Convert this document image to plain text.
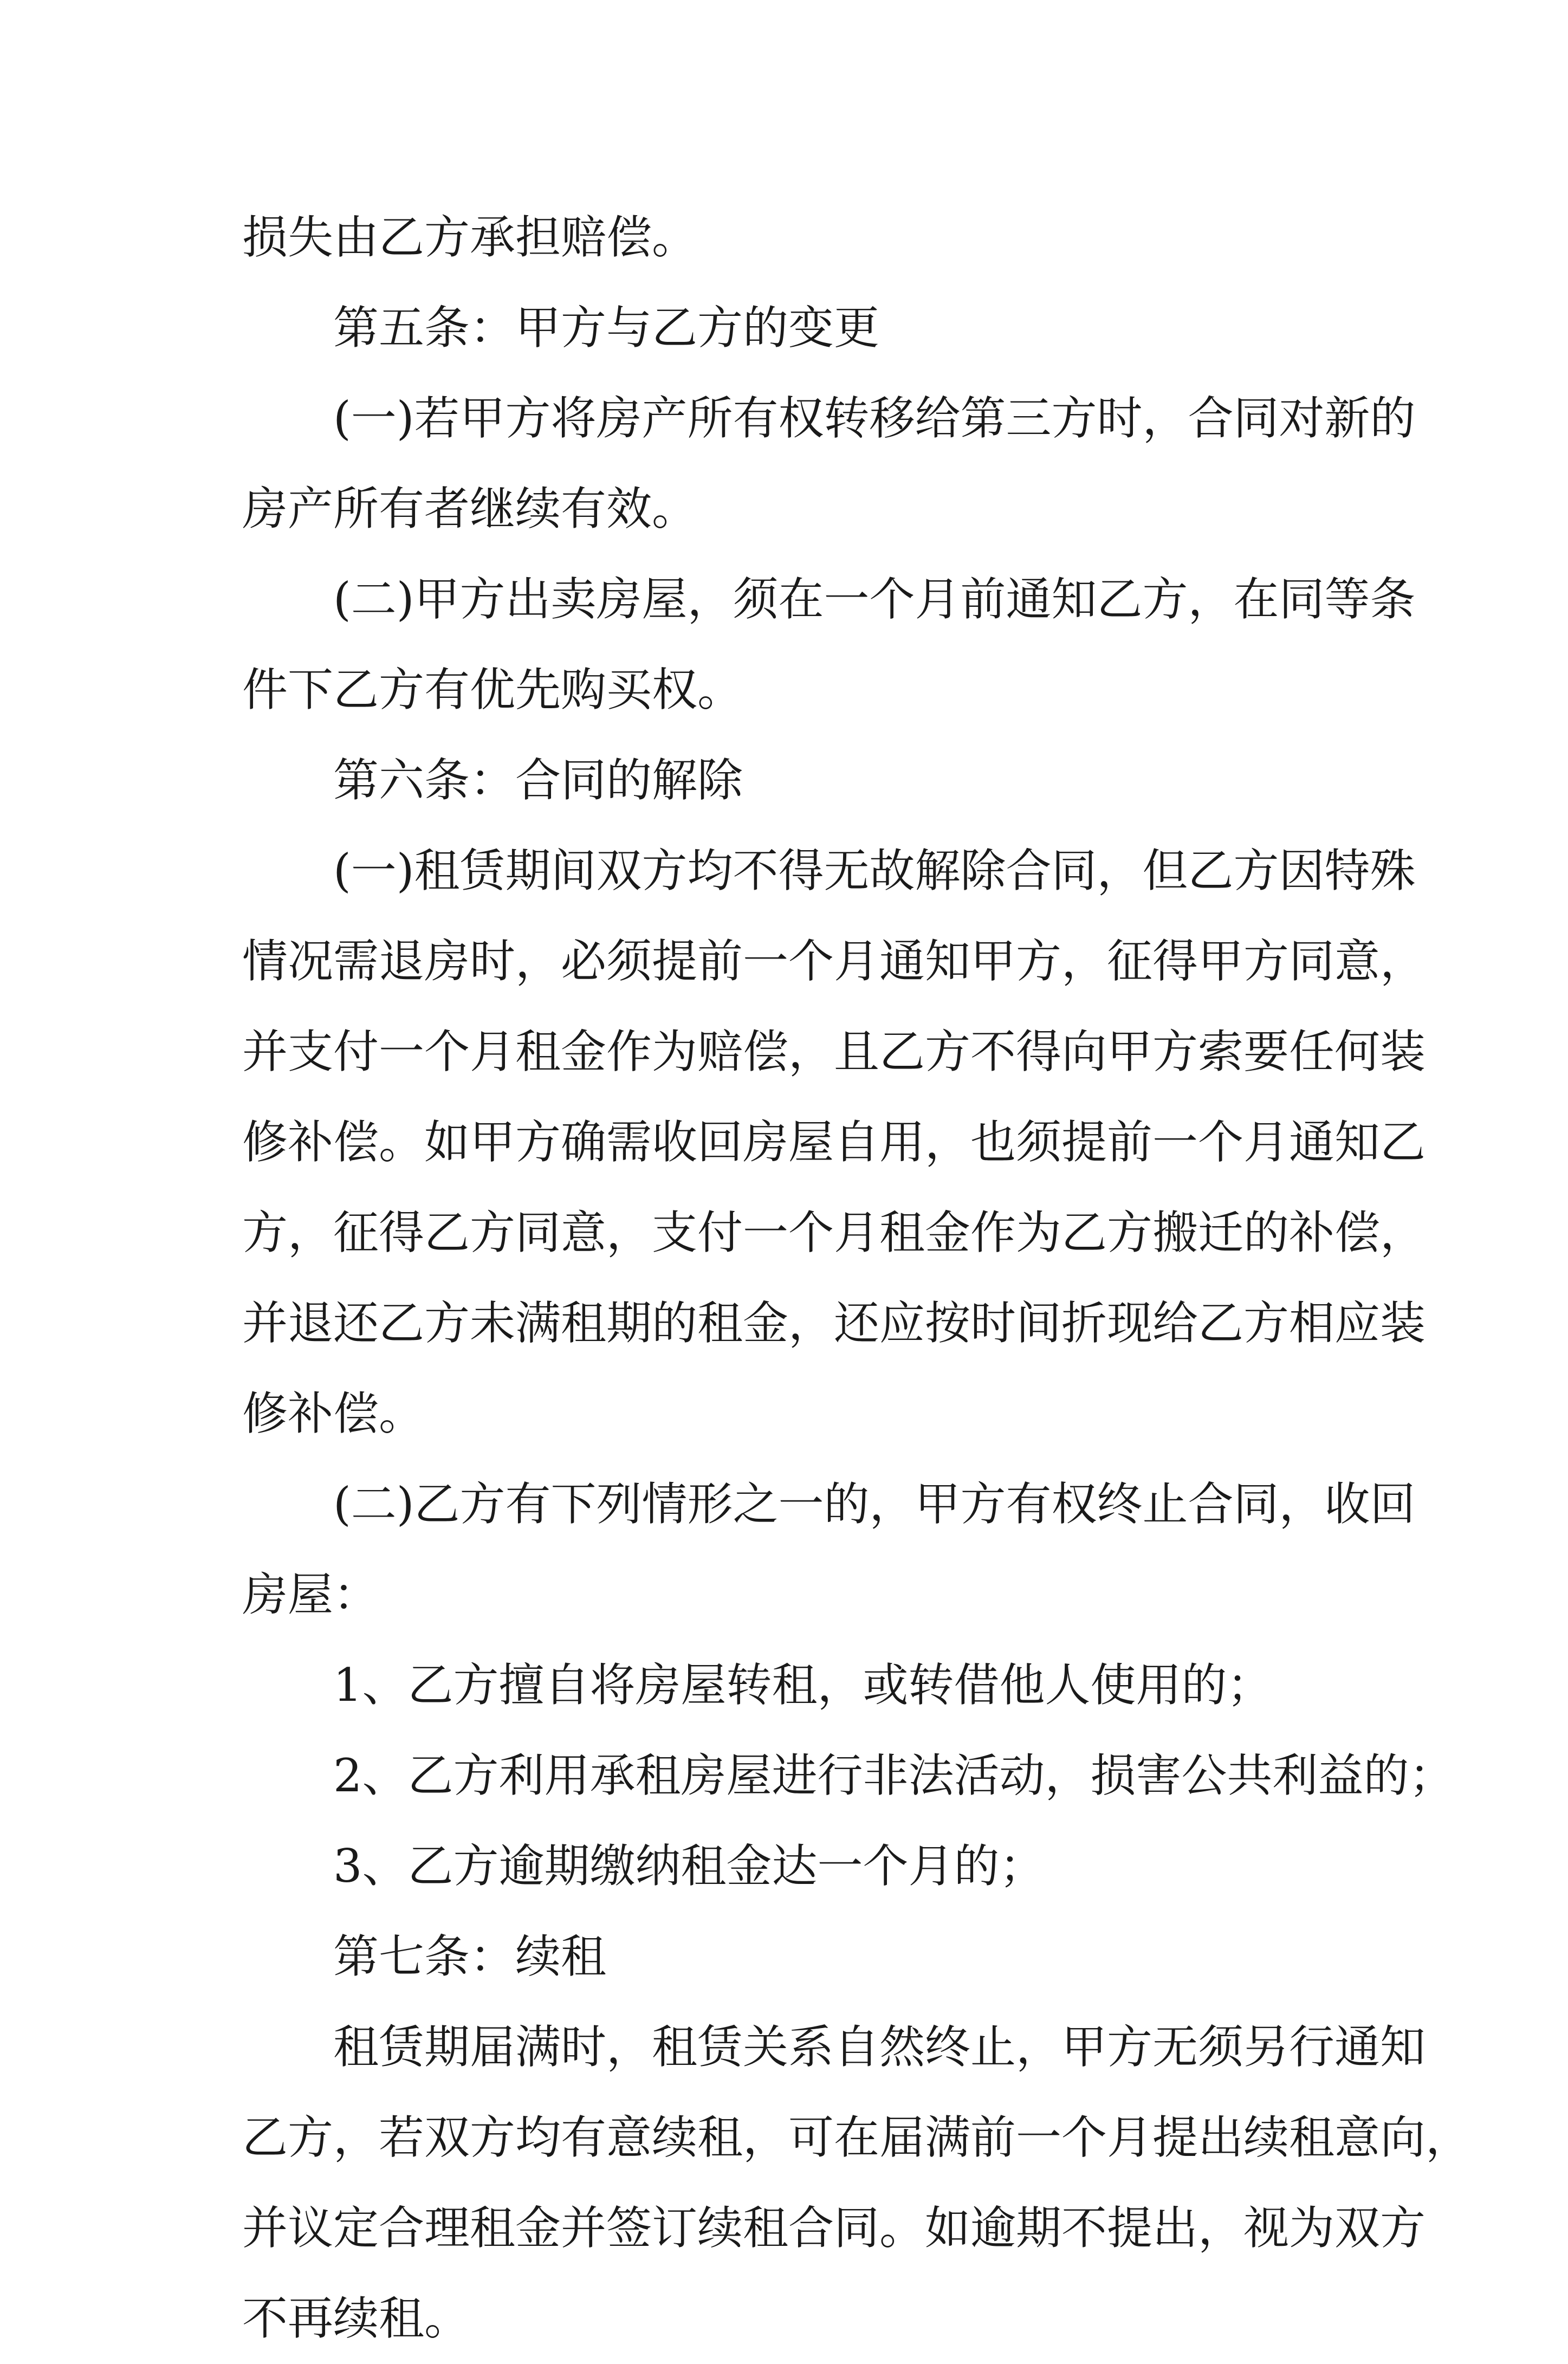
损失由乙方承担赔偿。
第五条：甲方与乙方的变更
(一)若甲方将房产所有权转移给第三方时，合同对新的
房产所有者继续有效。
(二)甲方出卖房屋，须在一个月前通知乙方，在同等条
件下乙方有优先购买权。
第六条：合同的解除
(一)租赁期间双方均不得无故解除合同，但乙方因特殊
情况需退房时，必须提前一个月通知甲方，征得甲方同意，
并支付一个月租金作为赔偿，且乙方不得向甲方索要任何装
修补偿。如甲方确需收回房屋自用，也须提前一个月通知乙
方，征得乙方同意，支付一个月租金作为乙方搬迁的补偿，
并退还乙方未满租期的租金，还应按时间折现给乙方相应装
修补偿。
(二)乙方有下列情形之一的，甲方有权终止合同，收回
房屋：
1、乙方擅自将房屋转租，或转借他人使用的；
2、乙方利用承租房屋进行非法活动，损害公共利益的；
3、乙方逾期缴纳租金达一个月的；
第七条：续租
租赁期届满时，租赁关系自然终止，甲方无须另行通知
乙方，若双方均有意续租，可在届满前一个月提出续租意向，
并议定合理租金并签订续租合同。如逾期不提出，视为双方
不再续租。
